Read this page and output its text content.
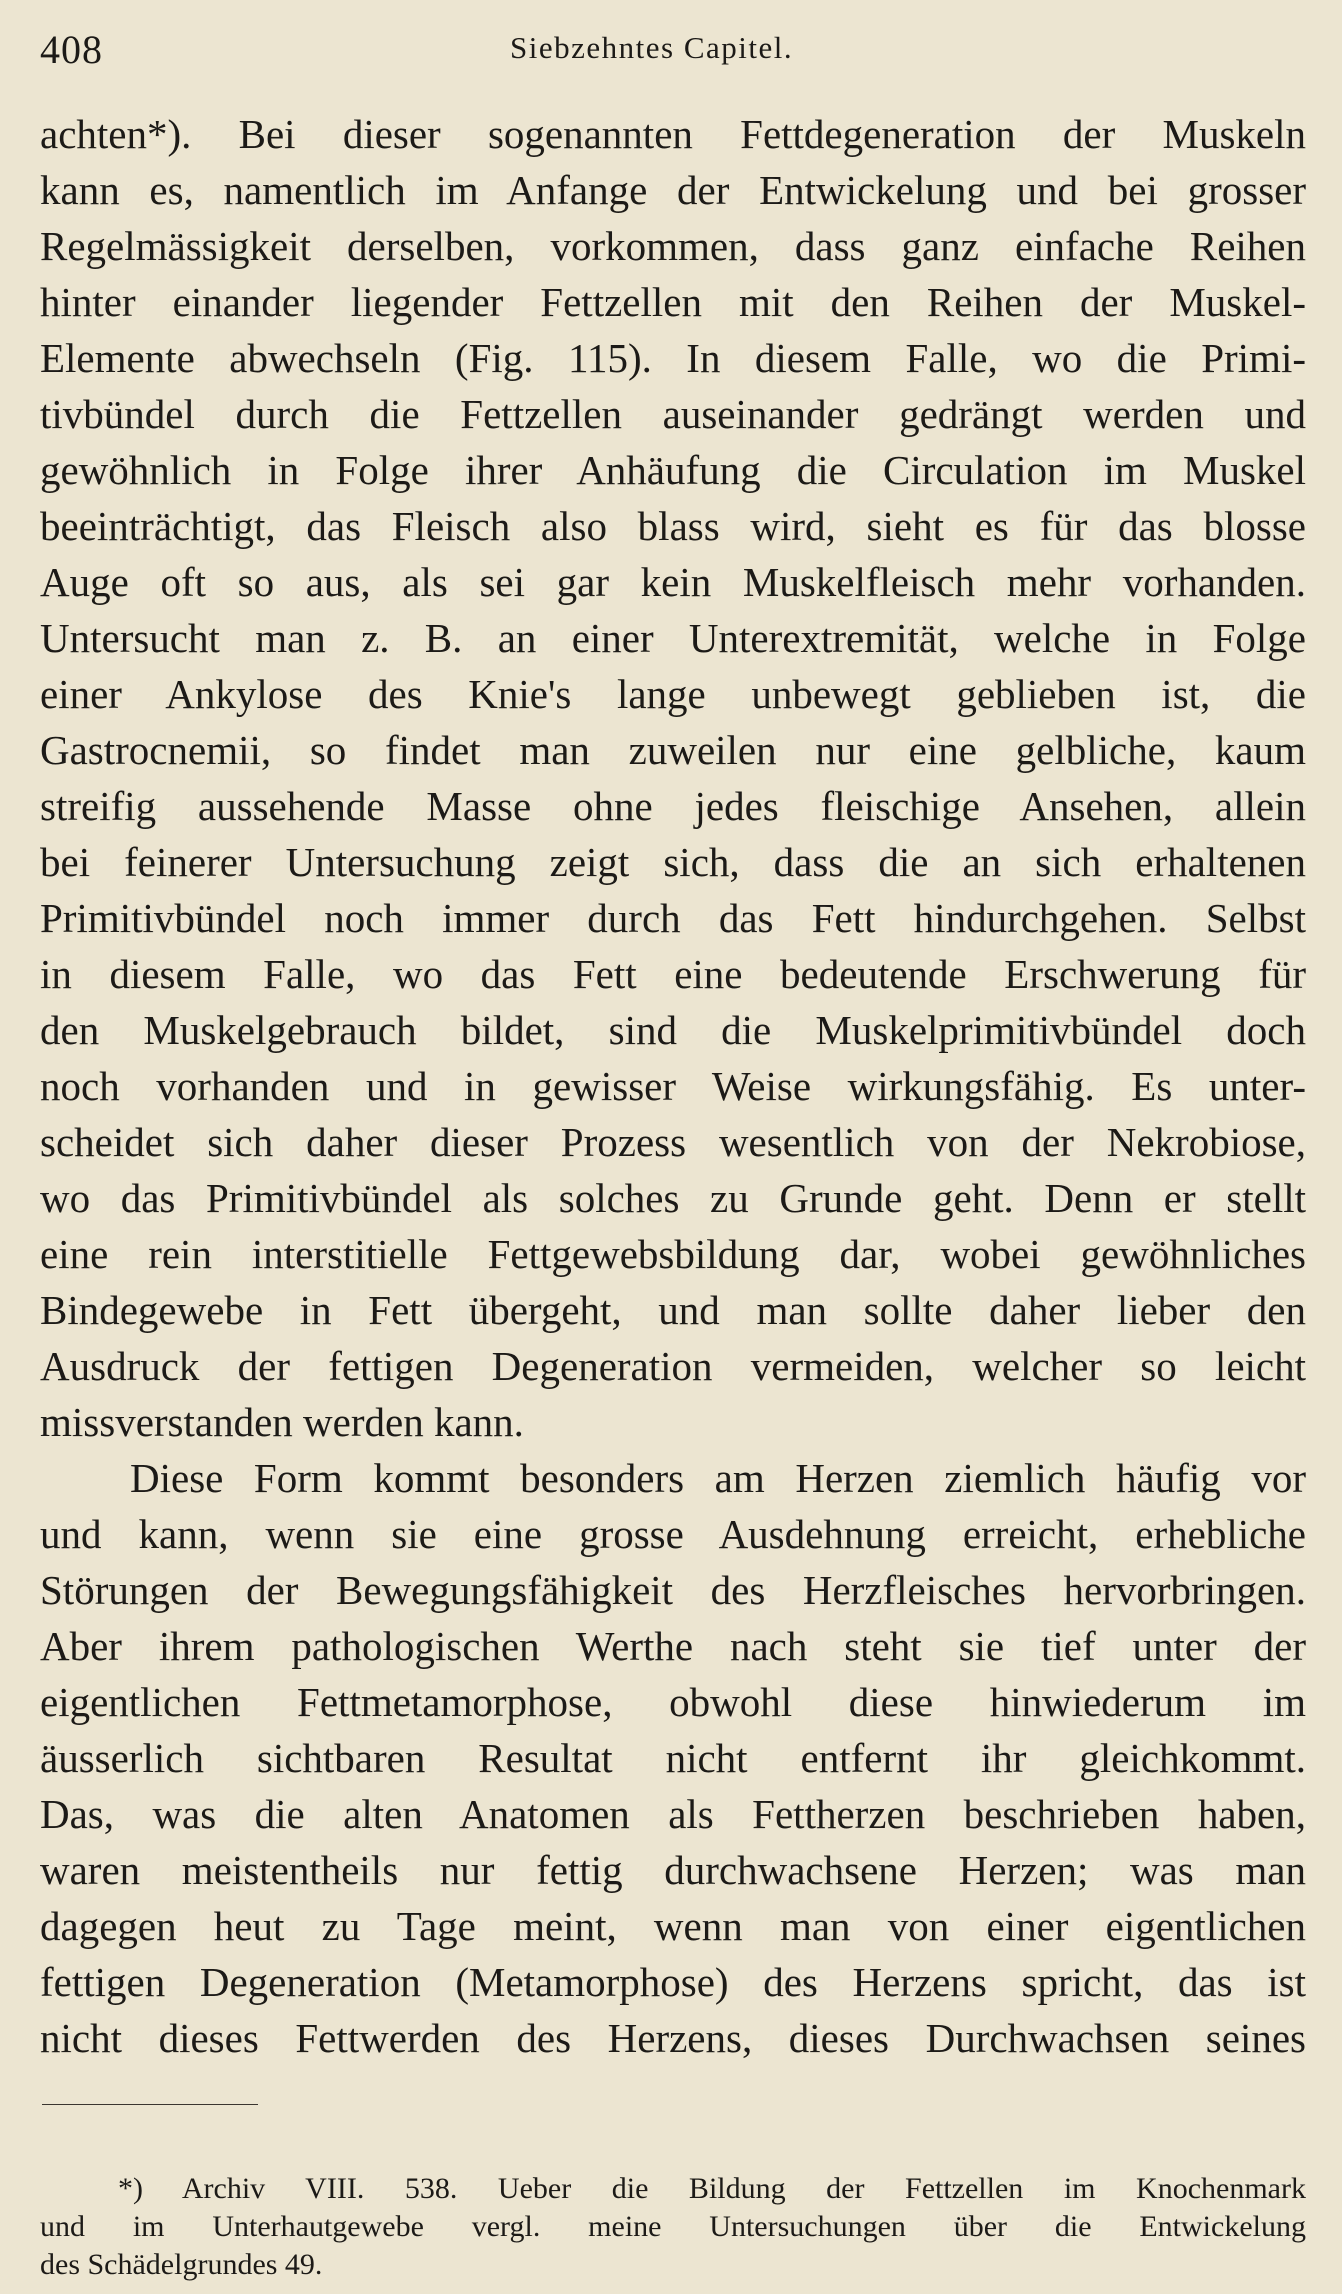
408	Siebzehntes Capitel.
achten*). Bei dieser sogenannten Fettdegeneration der Muskeln
kann es, namentlich im Anfange der Entwickelung und bei grosser
Regelmässigkeit derselben, vorkommen, dass ganz einfache Reihen
hinter einander liegender Fettzellen mit den Reihen der Muskel-
Elemente abwechseln (Fig. 115). In diesem Falle, wo die Primi-
tivbündel durch die Fettzellen auseinander gedrängt werden und
gewöhnlich in Folge ihrer Anhäufung die Circulation im Muskel
beeinträchtigt, das Fleisch also blass wird, sieht es für das blosse
Auge oft so aus, als sei gar kein Muskelfleisch mehr vorhanden.
Untersucht man z. B. an einer Unterextremität, welche in Folge
einer Ankylose des Knie's lange unbewegt geblieben ist, die
Gastrocnemii, so findet man zuweilen nur eine gelbliche, kaum
streifig aussehende Masse ohne jedes fleischige Ansehen, allein
bei feinerer Untersuchung zeigt sich, dass die an sich erhaltenen
Primitivbündel noch immer durch das Fett hindurchgehen. Selbst
in diesem Falle, wo das Fett eine bedeutende Erschwerung für
den Muskelgebrauch bildet, sind die Muskelprimitivbündel doch
noch vorhanden und in gewisser Weise wirkungsfähig. Es unter-
scheidet sich daher dieser Prozess wesentlich von der Nekrobiose,
wo das Primitivbündel als solches zu Grunde geht. Denn er stellt
eine rein interstitielle Fettgewebsbildung dar, wobei gewöhnliches
Bindegewebe in Fett übergeht, und man sollte daher lieber den
Ausdruck der fettigen Degeneration vermeiden, welcher so leicht
missverstanden werden kann.
Diese Form kommt besonders am Herzen ziemlich häufig vor
und kann, wenn sie eine grosse Ausdehnung erreicht, erhebliche
Störungen der Bewegungsfähigkeit des Herzfleisches hervorbringen.
Aber ihrem pathologischen Werthe nach steht sie tief unter der
eigentlichen Fettmetamorphose, obwohl diese hinwiederum im
äusserlich sichtbaren Resultat nicht entfernt ihr gleichkommt.
Das, was die alten Anatomen als Fettherzen beschrieben haben,
waren meistentheils nur fettig durchwachsene Herzen; was man
dagegen heut zu Tage meint, wenn man von einer eigentlichen
fettigen Degeneration (Metamorphose) des Herzens spricht, das ist
nicht dieses Fettwerden des Herzens, dieses Durchwachsen seines
*) Archiv VIII. 538. Ueber die Bildung der Fettzellen im Knochenmark
und im Unterhautgewebe vergl. meine Untersuchungen über die Entwickelung
des Schädelgrundes 49.
